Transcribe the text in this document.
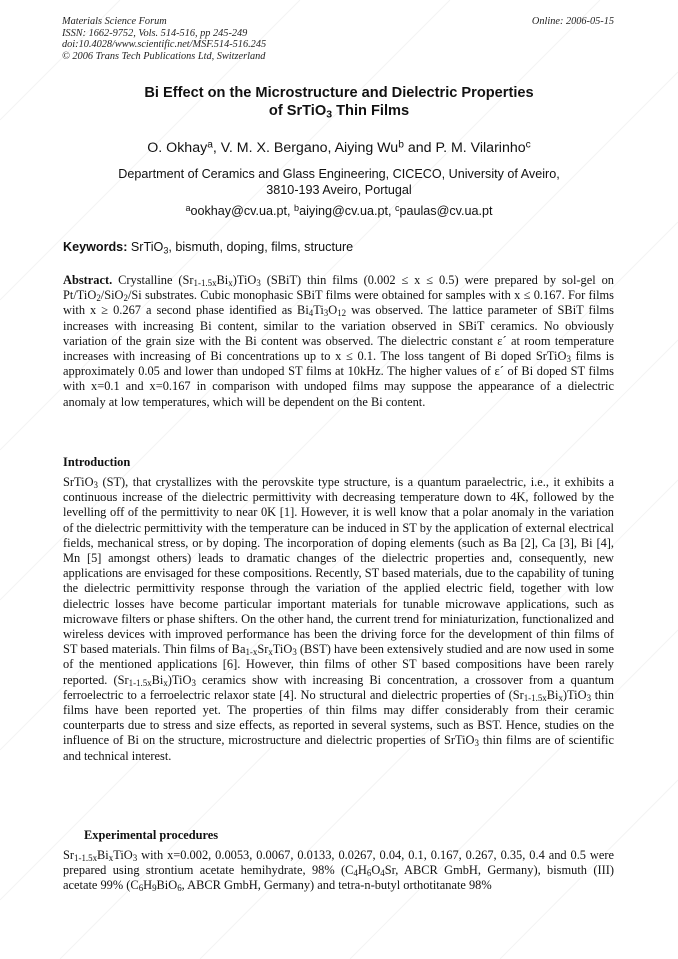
Materials Science Forum
ISSN: 1662-9752, Vols. 514-516, pp 245-249
doi:10.4028/www.scientific.net/MSF.514-516.245
© 2006 Trans Tech Publications Ltd, Switzerland
Online: 2006-05-15
Bi Effect on the Microstructure and Dielectric Properties
of SrTiO$_3$ Thin Films
O. Okhay$^a$, V. M. X. Bergano, Aiying Wu$^b$ and P. M. Vilarinho$^c$
Department of Ceramics and Glass Engineering, CICECO, University of Aveiro,
3810-193 Aveiro, Portugal
$^a$ookhay@cv.ua.pt, $^b$aiying@cv.ua.pt, $^c$paulas@cv.ua.pt
Keywords: SrTiO$_3$, bismuth, doping, films, structure
Abstract. Crystalline $(Sr_{1-1.5x}Bi_x)TiO_3$ (SBiT) thin films (0.002 ≤ x ≤ 0.5) were prepared by sol-gel on Pt/TiO$_2$/SiO$_2$/Si substrates. Cubic monophasic SBiT films were obtained for samples with x ≤ 0.167. For films with x ≥ 0.267 a second phase identified as $Bi_4Ti_3O_{12}$ was observed. The lattice parameter of SBiT films increases with increasing Bi content, similar to the variation observed in SBiT ceramics. No obviously variation of the grain size with the Bi content was observed. The dielectric constant ε´ at room temperature increases with increasing of Bi concentrations up to x ≤ 0.1. The loss tangent of Bi doped SrTiO$_3$ films is approximately 0.05 and lower than undoped ST films at 10kHz. The higher values of ε´ of Bi doped ST films with x=0.1 and x=0.167 in comparison with undoped films may suppose the appearance of a dielectric anomaly at low temperatures, which will be dependent on the Bi content.
Introduction
SrTiO$_3$ (ST), that crystallizes with the perovskite type structure, is a quantum paraelectric, i.e., it exhibits a continuous increase of the dielectric permittivity with decreasing temperature down to 4K, followed by the levelling off of the permittivity to near 0K [1]. However, it is well know that a polar anomaly in the variation of the dielectric permittivity with the temperature can be induced in ST by the application of external electrical fields, mechanical stress, or by doping. The incorporation of doping elements (such as Ba [2], Ca [3], Bi [4], Mn [5] amongst others) leads to dramatic changes of the dielectric properties and, consequently, new applications are envisaged for these compositions. Recently, ST based materials, due to the capability of tuning the dielectric permittivity response through the variation of the applied electric field, together with low dielectric losses have become particular important materials for tunable microwave applications, such as microwave filters or phase shifters. On the other hand, the current trend for miniaturization, functionalized and wireless devices with improved performance has been the driving force for the development of thin films of ST based materials. Thin films of $Ba_{1-x}Sr_xTiO_3$ (BST) have been extensively studied and are now used in some of the mentioned applications [6]. However, thin films of other ST based compositions have been rarely reported. $(Sr_{1-1.5x}Bi_x)TiO_3$ ceramics show with increasing Bi concentration, a crossover from a quantum ferroelectric to a ferroelectric relaxor state [4]. No structural and dielectric properties of $(Sr_{1-1.5x}Bi_x)TiO_3$ thin films have been reported yet. The properties of thin films may differ considerably from their ceramic counterparts due to stress and size effects, as reported in several systems, such as BST. Hence, studies on the influence of Bi on the structure, microstructure and dielectric properties of SrTiO$_3$ thin films are of scientific and technical interest.
Experimental procedures
$Sr_{1-1.5x}Bi_xTiO_3$ with x=0.002, 0.0053, 0.0067, 0.0133, 0.0267, 0.04, 0.1, 0.167, 0.267, 0.35, 0.4 and 0.5 were prepared using strontium acetate hemihydrate, 98% ($C_4H_6O_4Sr$, ABCR GmbH, Germany), bismuth (III) acetate 99% ($C_6H_9BiO_6$, ABCR GmbH, Germany) and tetra-n-butyl orthotitanate 98%
